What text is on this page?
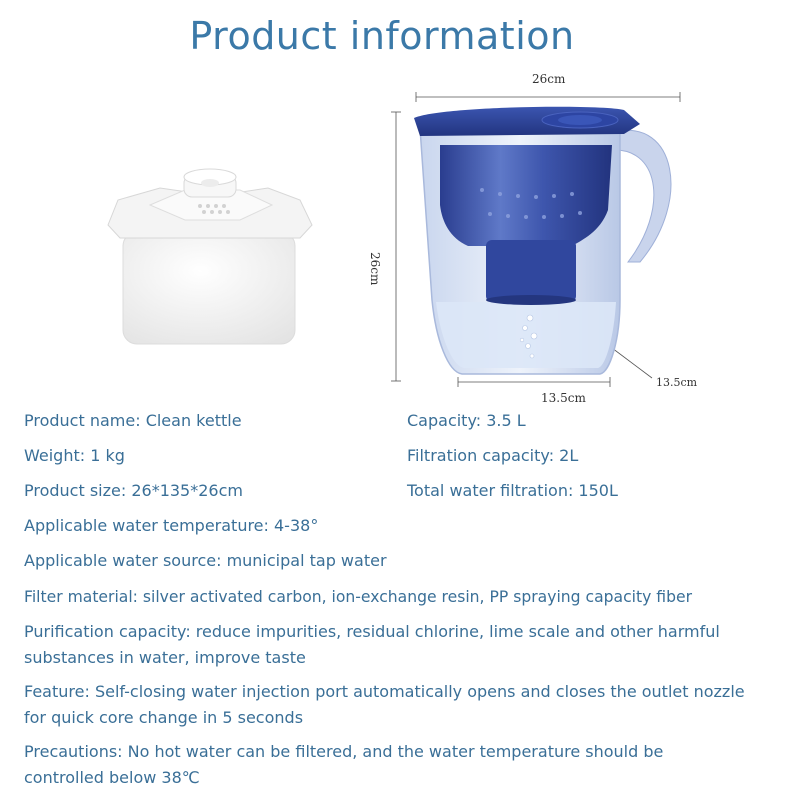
Product information
26cm
26cm
13.5cm
13.5cm
Product name: Clean kettle	Capacity: 3.5 L
Weight: 1 kg	Filtration capacity: 2L
Product size: 26*135*26cm	Total water filtration: 150L
Applicable water temperature: 4-38°
Applicable water source: municipal tap water
Filter material: silver activated carbon, ion-exchange resin, PP spraying capacity fiber
Purification capacity: reduce impurities, residual chlorine, lime scale and other harmful substances in water, improve taste
Feature: Self-closing water injection port automatically opens and closes the outlet nozzle for quick core change in 5 seconds
Precautions: No hot water can be filtered, and the water temperature should be controlled below 38℃
